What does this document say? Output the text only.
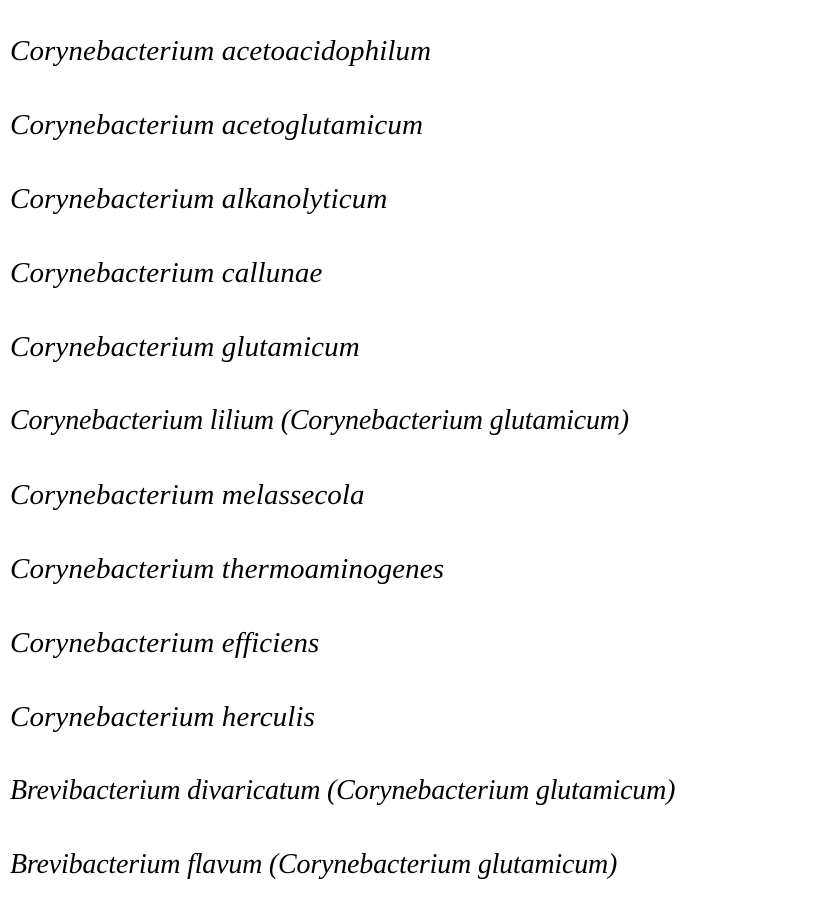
Corynebacterium acetoacidophilum
Corynebacterium acetoglutamicum
Corynebacterium alkanolyticum
Corynebacterium callunae
Corynebacterium glutamicum
Corynebacterium lilium (Corynebacterium glutamicum)
Corynebacterium melassecola
Corynebacterium thermoaminogenes
Corynebacterium efficiens
Corynebacterium herculis
Brevibacterium divaricatum (Corynebacterium glutamicum)
Brevibacterium flavum (Corynebacterium glutamicum)
